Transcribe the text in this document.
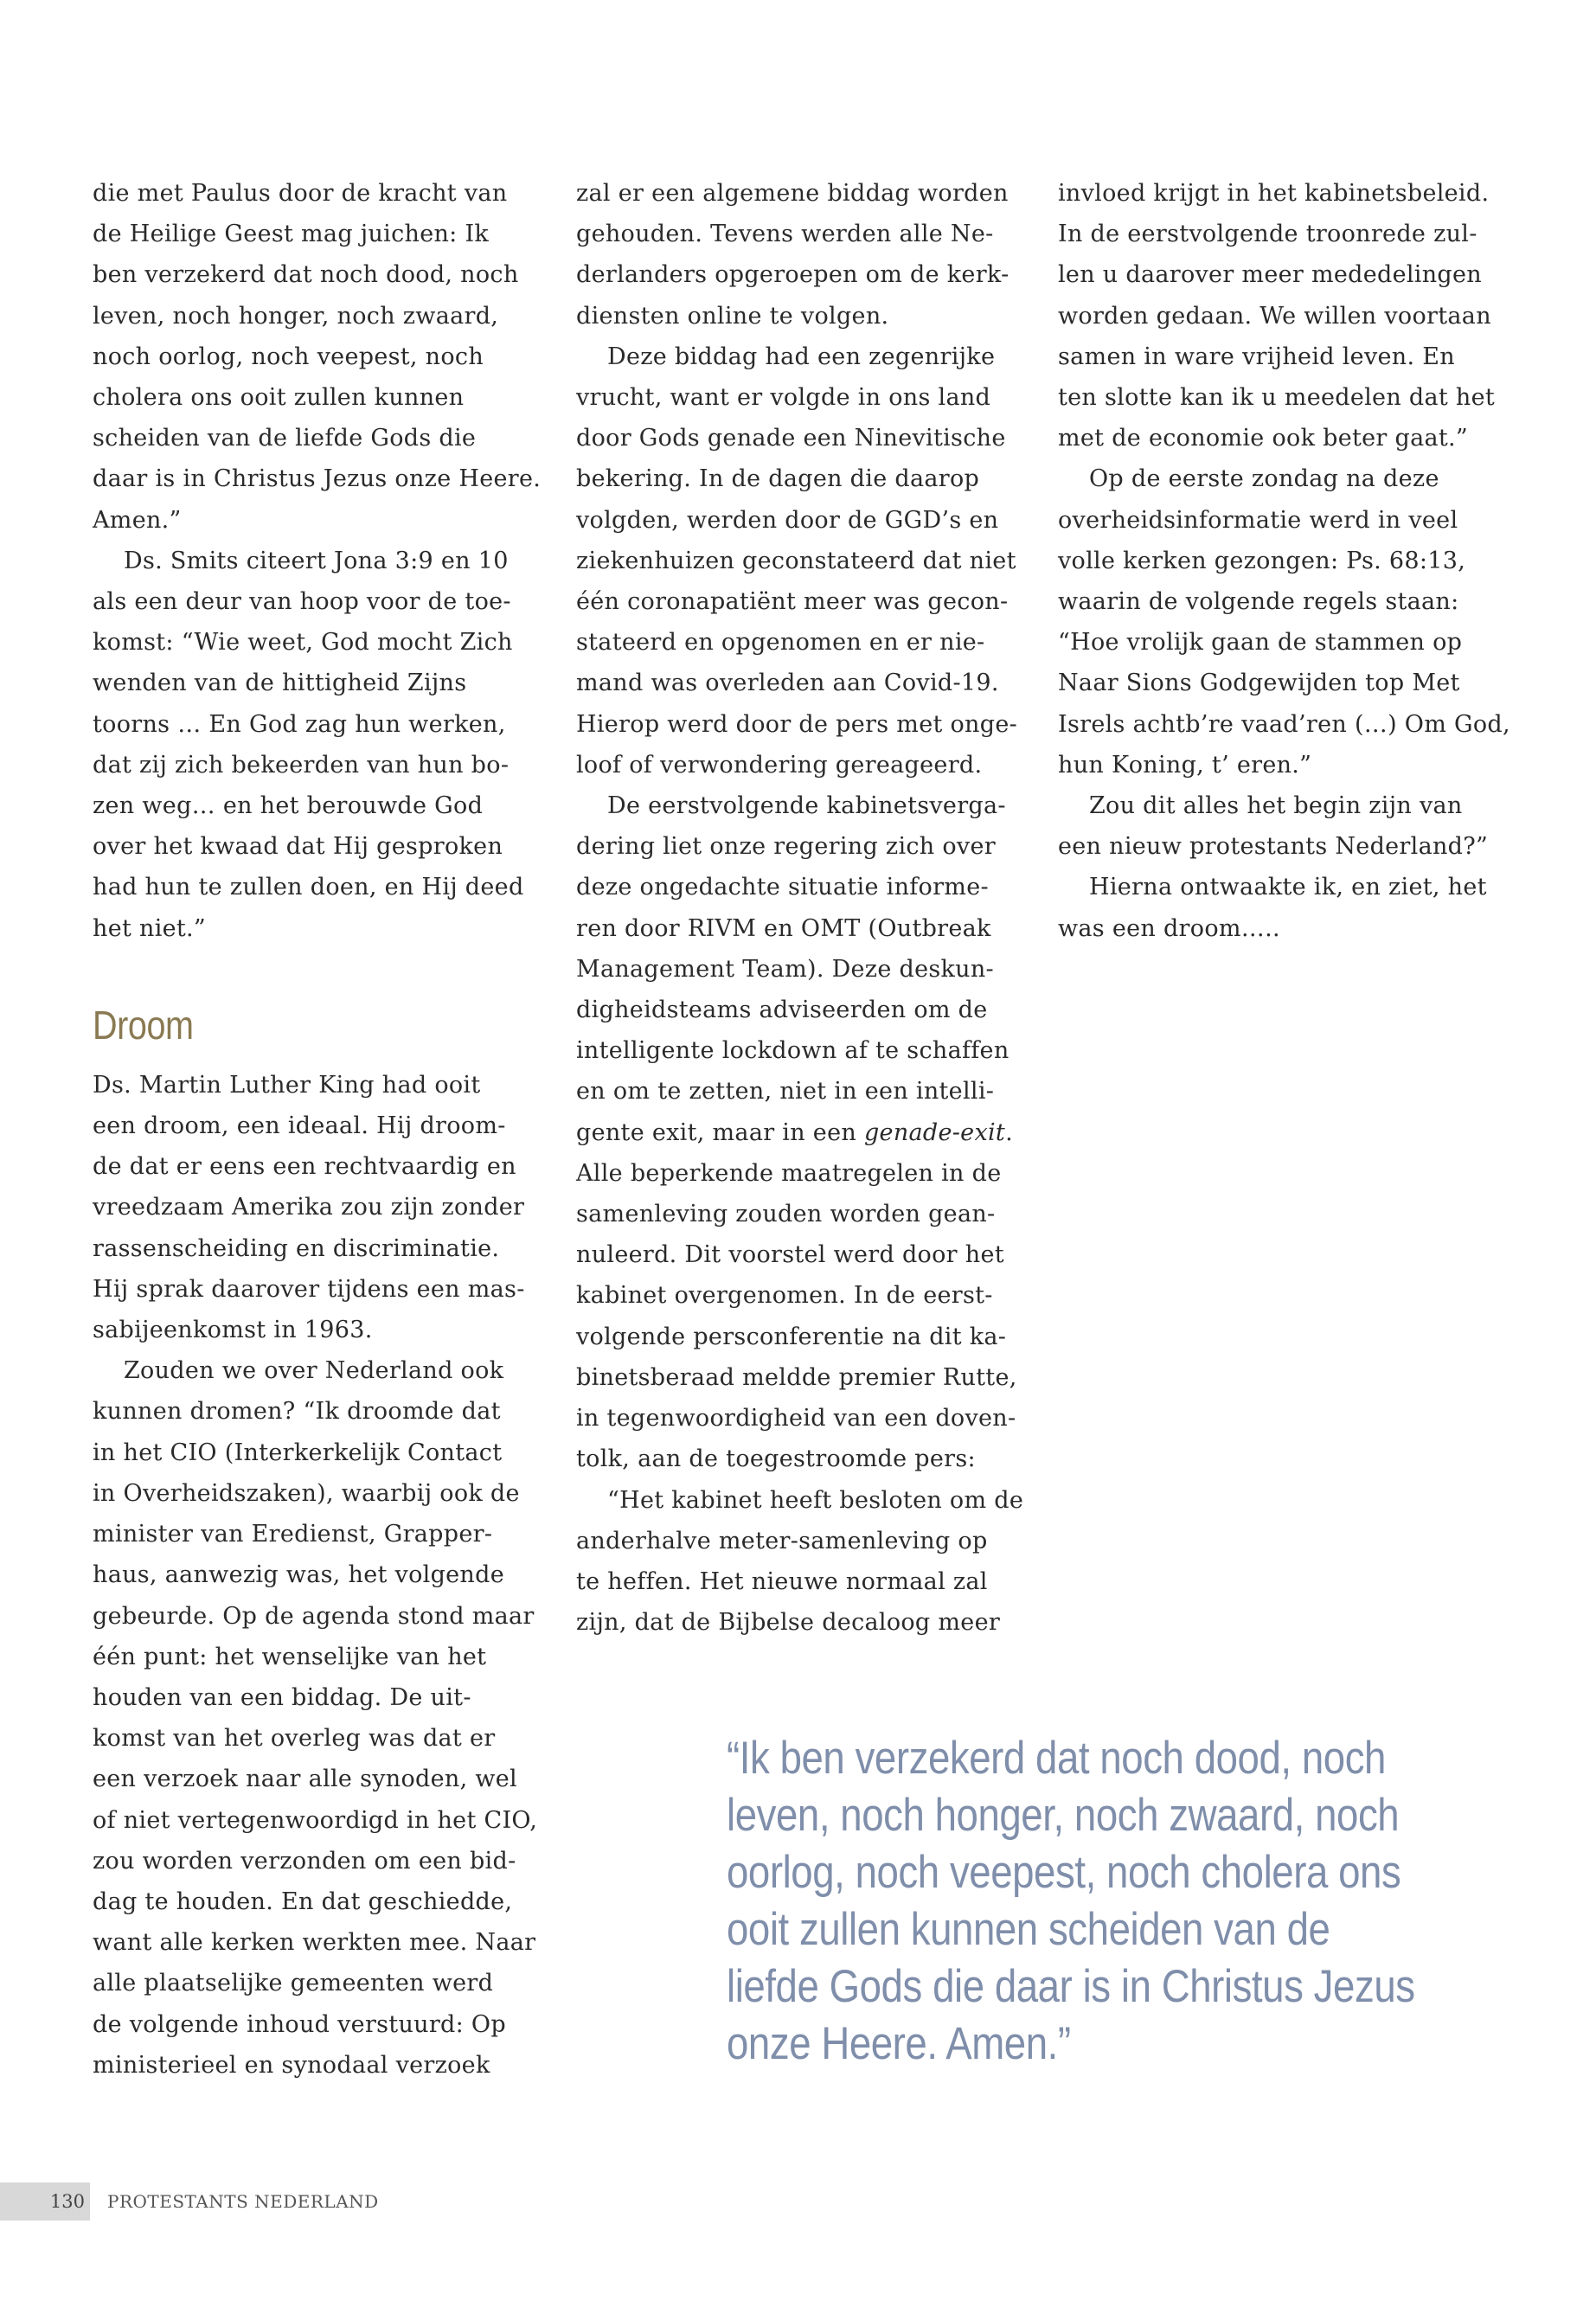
die met Paulus door de kracht van
de Heilige Geest mag juichen: Ik
ben verzekerd dat noch dood, noch
leven, noch honger, noch zwaard,
noch oorlog, noch veepest, noch
cholera ons ooit zullen kunnen
scheiden van de liefde Gods die
daar is in Christus Jezus onze Heere.
Amen.”

Ds. Smits citeert Jona 3:9 en 10
als een deur van hoop voor de toe-
komst: “Wie weet, God mocht Zich
wenden van de hittigheid Zijns
toorns … En God zag hun werken,
dat zij zich bekeerden van hun bo-
zen weg… en het berouwde God
over het kwaad dat Hij gesproken
had hun te zullen doen, en Hij deed
het niet.”

Droom

Ds. Martin Luther King had ooit
een droom, een ideaal. Hij droom-
de dat er eens een rechtvaardig en
vreedzaam Amerika zou zijn zonder
rassenscheiding en discriminatie.
Hij sprak daarover tijdens een mas-
sabijeenkomst in 1963.

Zouden we over Nederland ook
kunnen dromen? “Ik droomde dat
in het CIO (Interkerkelijk Contact
in Overheidszaken), waarbij ook de
minister van Eredienst, Grapper-
haus, aanwezig was, het volgende
gebeurde. Op de agenda stond maar
één punt: het wenselijke van het
houden van een biddag. De uit-
komst van het overleg was dat er
een verzoek naar alle synoden, wel
of niet vertegenwoordigd in het CIO,
zou worden verzonden om een bid-
dag te houden. En dat geschiedde,
want alle kerken werkten mee. Naar
alle plaatselijke gemeenten werd
de volgende inhoud verstuurd: Op
ministerieel en synodaal verzoek

zal er een algemene biddag worden
gehouden. Tevens werden alle Ne-
derlanders opgeroepen om de kerk-
diensten online te volgen.

Deze biddag had een zegenrijke
vrucht, want er volgde in ons land
door Gods genade een Ninevitische
bekering. In de dagen die daarop
volgden, werden door de GGD’s en
ziekenhuizen geconstateerd dat niet
één coronapatiënt meer was gecon-
stateerd en opgenomen en er nie-
mand was overleden aan Covid-19.
Hierop werd door de pers met onge-
loof of verwondering gereageerd.

De eerstvolgende kabinetsverga-
dering liet onze regering zich over
deze ongedachte situatie informe-
ren door RIVM en OMT (Outbreak
Management Team). Deze deskun-
digheidsteams adviseerden om de
intelligente lockdown af te schaffen
en om te zetten, niet in een intelli-
gente exit, maar in een genade-exit.
Alle beperkende maatregelen in de
samenleving zouden worden gean-
nuleerd. Dit voorstel werd door het
kabinet overgenomen. In de eerst-
volgende persconferentie na dit ka-
binetsberaad meldde premier Rutte,
in tegenwoordigheid van een doven-
tolk, aan de toegestroomde pers:

“Het kabinet heeft besloten om de
anderhalve meter-samenleving op
te heffen. Het nieuwe normaal zal
zijn, dat de Bijbelse decaloog meer

invloed krijgt in het kabinetsbeleid.
In de eerstvolgende troonrede zul-
len u daarover meer mededelingen
worden gedaan. We willen voortaan
samen in ware vrijheid leven. En
ten slotte kan ik u meedelen dat het
met de economie ook beter gaat.”

Op de eerste zondag na deze
overheidsinformatie werd in veel
volle kerken gezongen: Ps. 68:13,
waarin de volgende regels staan:
“Hoe vrolijk gaan de stammen op
Naar Sions Godgewijden top Met
Isrels achtb’re vaad’ren (…) Om God,
hun Koning, t’ eren.”

Zou dit alles het begin zijn van
een nieuw protestants Nederland?”

Hierna ontwaakte ik, en ziet, het
was een droom…..

“Ik ben verzekerd dat noch dood, noch
leven, noch honger, noch zwaard, noch
oorlog, noch veepest, noch cholera ons
ooit zullen kunnen scheiden van de
liefde Gods die daar is in Christus Jezus
onze Heere. Amen.”
130	PROTESTANTS NEDERLAND
